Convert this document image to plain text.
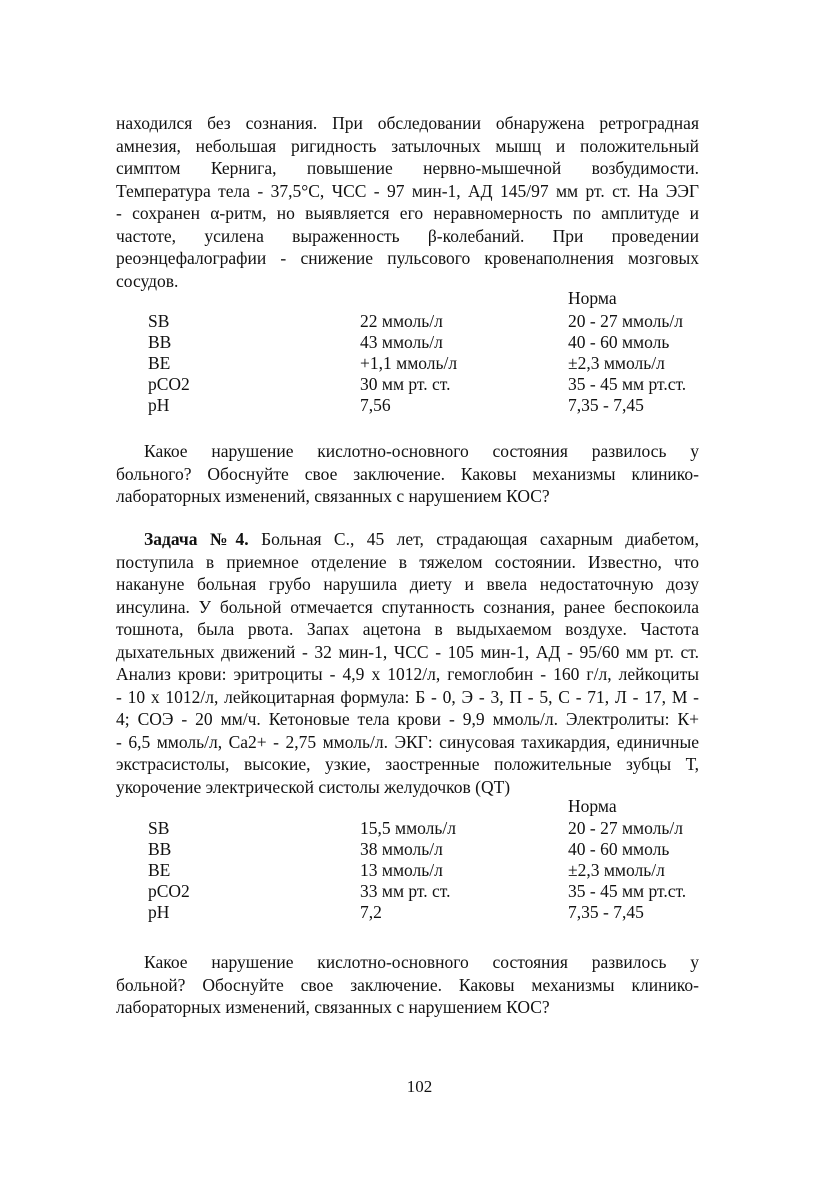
находился без сознания. При обследовании обнаружена ретроградная
амнезия, небольшая ригидность затылочных мышц и положительный
симптом Кернига, повышение нервно-мышечной возбудимости.
Температура тела - 37,5°С, ЧСС - 97 мин-1, АД 145/97 мм рт. ст. На ЭЭГ
- сохранен α-ритм, но выявляется его неравномерность по амплитуде и
частоте, усилена выраженность β-колебаний. При проведении
реоэнцефалографии - снижение пульсового кровенаполнения мозговых
сосудов.
Норма
SB	22 ммоль/л	20 - 27 ммоль/л
BB	43 ммоль/л	40 - 60 ммоль
BE	+1,1 ммоль/л	±2,3 ммоль/л
pCO2	30 мм рт. ст.	35 - 45 мм рт.ст.
pH	7,56	7,35 - 7,45
Какое нарушение кислотно-основного состояния развилось у
больного? Обоснуйте свое заключение. Каковы механизмы клинико-
лабораторных изменений, связанных с нарушением КОС?
Задача №4. Больная С., 45 лет, страдающая сахарным диабетом,
поступила в приемное отделение в тяжелом состоянии. Известно, что
накануне больная грубо нарушила диету и ввела недостаточную дозу
инсулина. У больной отмечается спутанность сознания, ранее беспокоила
тошнота, была рвота. Запах ацетона в выдыхаемом воздухе. Частота
дыхательных движений - 32 мин-1, ЧСС - 105 мин-1, АД - 95/60 мм рт. ст.
Анализ крови: эритроциты - 4,9 х 1012/л, гемоглобин - 160 г/л, лейкоциты
- 10 х 1012/л, лейкоцитарная формула: Б - 0, Э - 3, П - 5, С - 71, Л - 17, М -
4; СОЭ - 20 мм/ч. Кетоновые тела крови - 9,9 ммоль/л. Электролиты: К+
- 6,5 ммоль/л, Са2+ - 2,75 ммоль/л. ЭКГ: синусовая тахикардия, единичные
экстрасистолы, высокие, узкие, заостренные положительные зубцы Т,
укорочение электрической систолы желудочков (QT)
Норма
SB	15,5 ммоль/л	20 - 27 ммоль/л
BB	38 ммоль/л	40 - 60 ммоль
BE	13 ммоль/л	±2,3 ммоль/л
pCO2	33 мм рт. ст.	35 - 45 мм рт.ст.
pH	7,2	7,35 - 7,45
Какое нарушение кислотно-основного состояния развилось у
больной? Обоснуйте свое заключение. Каковы механизмы клинико-
лабораторных изменений, связанных с нарушением КОС?
102
